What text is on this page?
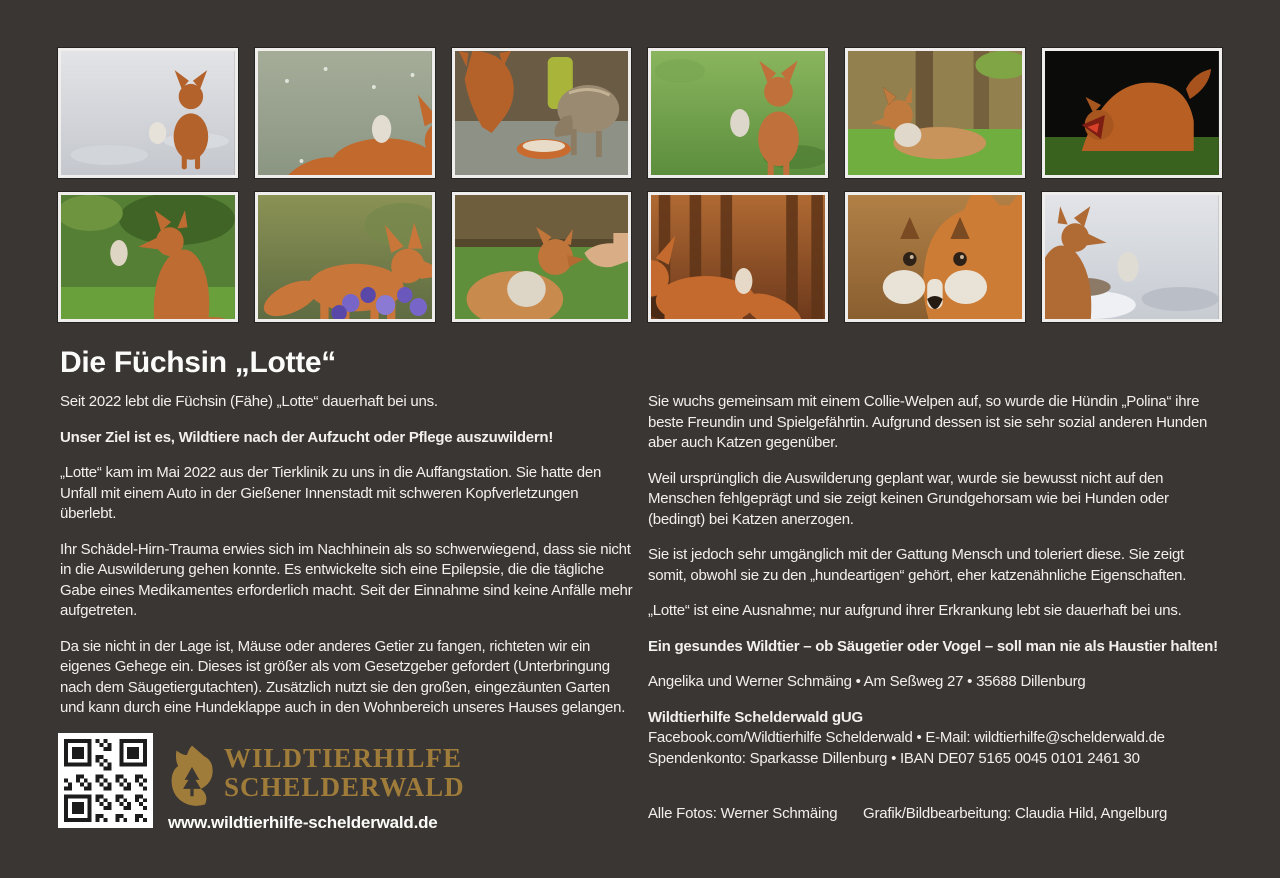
Die Füchsin „Lotte“

Seit 2022 lebt die Füchsin (Fähe) „Lotte“ dauerhaft bei uns.

Unser Ziel ist es, Wildtiere nach der Aufzucht oder Pflege auszuwildern!

„Lotte“ kam im Mai 2022 aus der Tierklinik zu uns in die Auffangstation. Sie hatte den Unfall mit einem Auto in der Gießener Innenstadt mit schweren Kopfverletzungen überlebt.

Ihr Schädel-Hirn-Trauma erwies sich im Nachhinein als so schwerwiegend, dass sie nicht in die Auswilderung gehen konnte. Es entwickelte sich eine Epilepsie, die die tägliche Gabe eines Medikamentes erforderlich macht. Seit der Einnahme sind keine Anfälle mehr aufgetreten.

Da sie nicht in der Lage ist, Mäuse oder anderes Getier zu fangen, richteten wir ein eigenes Gehege ein. Dieses ist größer als vom Gesetzgeber gefordert (Unterbringung nach dem Säugetiergutachten). Zusätzlich nutzt sie den großen, eingezäunten Garten und kann durch eine Hundeklappe auch in den Wohnbereich unseres Hauses gelangen.

Sie wuchs gemeinsam mit einem Collie-Welpen auf, so wurde die Hündin „Polina“ ihre beste Freundin und Spielgefährtin. Aufgrund dessen ist sie sehr sozial anderen Hunden aber auch Katzen gegenüber.

Weil ursprünglich die Auswilderung geplant war, wurde sie bewusst nicht auf den Menschen fehlgeprägt und sie zeigt keinen Grundgehorsam wie bei Hunden oder (bedingt) bei Katzen anerzogen.

Sie ist jedoch sehr umgänglich mit der Gattung Mensch und toleriert diese. Sie zeigt somit, obwohl sie zu den „hundeartigen“ gehört, eher katzenähnliche Eigenschaften.

„Lotte“ ist eine Ausnahme; nur aufgrund ihrer Erkrankung lebt sie dauerhaft bei uns.

Ein gesundes Wildtier – ob Säugetier oder Vogel – soll man nie als Haustier halten!

Angelika und Werner Schmäing • Am Seßweg 27 • 35688 Dillenburg

Wildtierhilfe Schelderwald gUG

Facebook.com/Wildtierhilfe Schelderwald • E-Mail: wildtierhilfe@schelderwald.de

Spendenkonto: Sparkasse Dillenburg • IBAN DE07 5165 0045 0101 2461 30

WILDTIERHILFE
SCHELDERWALD
www.wildtierhilfe-schelderwald.de	Alle Fotos: Werner Schmäing Grafik/Bildbearbeitung: Claudia Hild, Angelburg
